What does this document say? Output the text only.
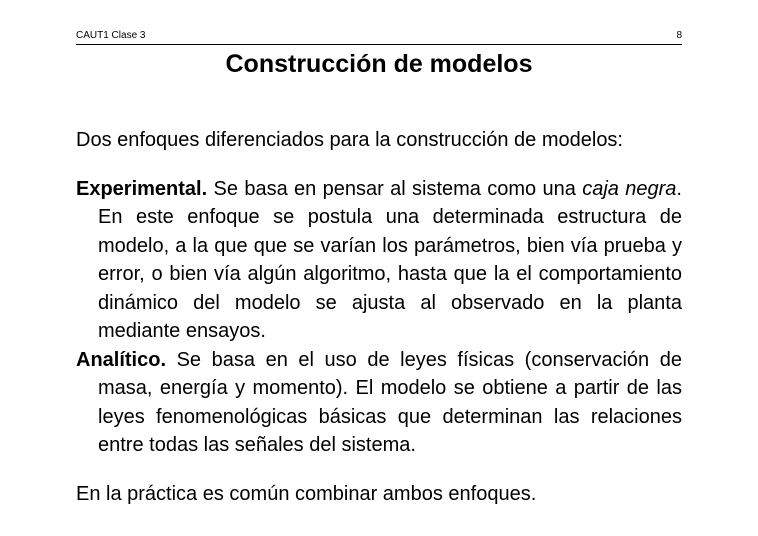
CAUT1 Clase 3	8
Construcción de modelos

Dos enfoques diferenciados para la construcción de modelos:

Experimental. Se basa en pensar al sistema como una caja negra. En este enfoque se postula una determinada estructura de modelo, a la que que se varían los parámetros, bien vía prueba y error, o bien vía algún algoritmo, hasta que la el comportamiento dinámico del modelo se ajusta al observado en la planta mediante ensayos.

Analítico. Se basa en el uso de leyes físicas (conservación de masa, energía y momento). El modelo se obtiene a partir de las leyes fenomenológicas básicas que determinan las relaciones entre todas las señales del sistema.

En la práctica es común combinar ambos enfoques.
